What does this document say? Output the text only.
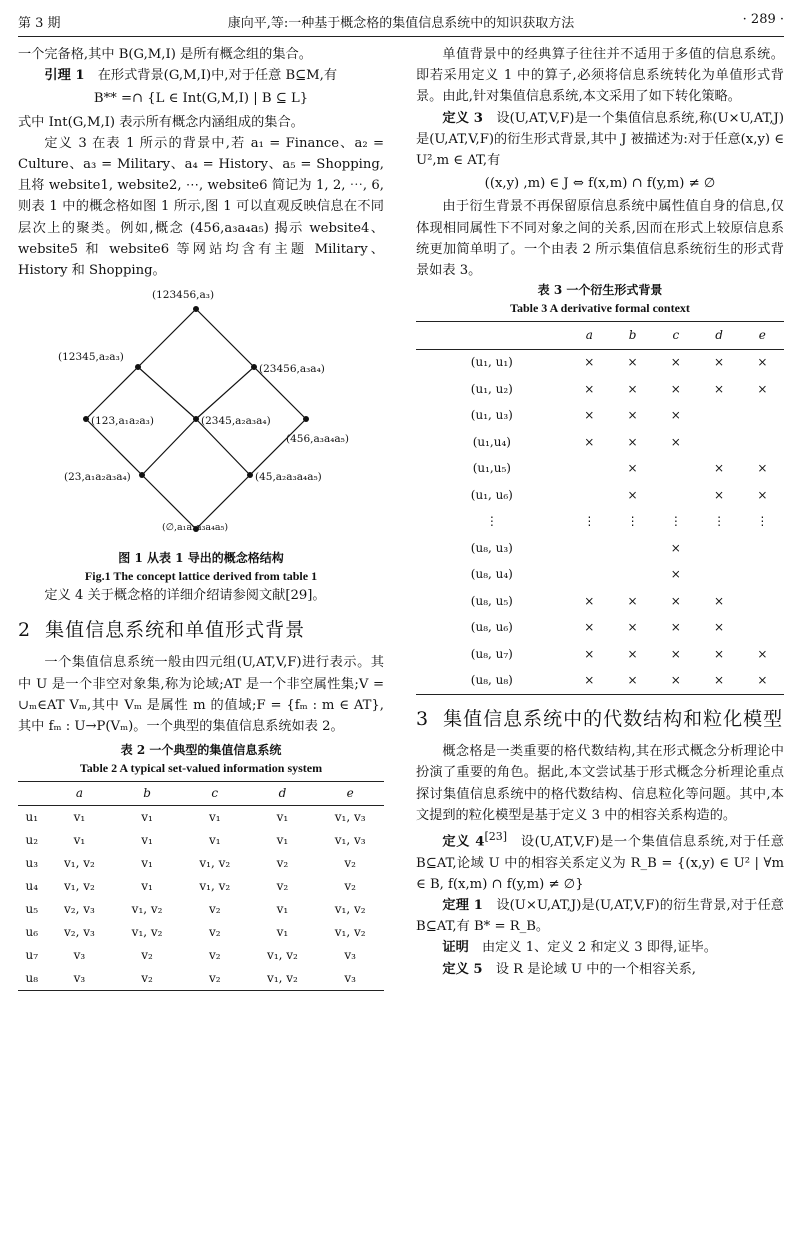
第 3 期	康向平,等:一种基于概念格的集值信息系统中的知识获取方法	· 289 ·

一个完备格,其中 B(G,M,I) 是所有概念组的集合。

引理 1  在形式背景(G,M,I)中,对于任意 B⊆M,有

B** =∩ {L ∈ Int(G,M,I) | B ⊆ L}

式中 Int(G,M,I) 表示所有概念内涵组成的集合。

定义 3 在表 1 所示的背景中,若 a₁ = Finance、a₂ = Culture、a₃ = Military、a₄ = History、a₅ = Shopping,且将 website1, website2, ⋯, website6 简记为 1, 2, ⋯, 6,则表 1 中的概念格如图 1 所示,图 1 可以直观反映信息在不同层次上的聚类。例如,概念 (456,a₃a₄a₅) 揭示 website4、website5 和 website6 等网站均含有主题 Military、History 和 Shopping。

(123456,a₃)
(12345,a₂a₃)
(23456,a₃a₄)
(123,a₁a₂a₃)	(2345,a₂a₃a₄)
(456,a₃a₄a₅)
(23,a₁a₂a₃a₄)	(45,a₂a₃a₄a₅)
(∅,a₁a₂a₃a₄a₅)
图 1 从表 1 导出的概念格结构
Fig.1 The concept lattice derived from table 1

定义 4 关于概念格的详细介绍请参阅文献[29]。

2 集值信息系统和单值形式背景

一个集值信息系统一般由四元组(U,AT,V,F)进行表示。其中 U 是一个非空对象集,称为论域;AT 是一个非空属性集;V = ∪ₘ∈AT Vₘ,其中 Vₘ 是属性 m 的值域;F = {fₘ : m ∈ AT},其中 fₘ : U→P(Vₘ)。一个典型的集值信息系统如表 2。

表 2 一个典型的集值信息系统
Table 2 A typical set-valued information system
	a	b	c	d	e
u₁	v₁	v₁	v₁	v₁	v₁, v₃
u₂	v₁	v₁	v₁	v₁	v₁, v₃
u₃	v₁, v₂	v₁	v₁, v₂	v₂	v₂
u₄	v₁, v₂	v₁	v₁, v₂	v₂	v₂
u₅	v₂, v₃	v₁, v₂	v₂	v₁	v₁, v₂
u₆	v₂, v₃	v₁, v₂	v₂	v₁	v₁, v₂
u₇	v₃	v₂	v₂	v₁, v₂	v₃
u₈	v₃	v₂	v₂	v₁, v₂	v₃

单值背景中的经典算子往往并不适用于多值的信息系统。即若采用定义 1 中的算子,必须将信息系统转化为单值形式背景。由此,针对集值信息系统,本文采用了如下转化策略。

定义 3  设(U,AT,V,F)是一个集值信息系统,称(U×U,AT,J)是(U,AT,V,F)的衍生形式背景,其中 J 被描述为:对于任意(x,y) ∈ U²,m ∈ AT,有

((x,y) ,m) ∈ J ⇔ f(x,m) ∩ f(y,m) ≠ ∅

由于衍生背景不再保留原信息系统中属性值自身的信息,仅体现相同属性下不同对象之间的关系,因而在形式上较原信息系统更加简单明了。一个由表 2 所示集值信息系统衍生的形式背景如表 3。

表 3 一个衍生形式背景
Table 3 A derivative formal context
	a	b	c	d	e
(u₁, u₁)	×	×	×	×	×
(u₁, u₂)	×	×	×	×	×
(u₁, u₃)	×	×	×		
(u₁,u₄)	×	×	×		
(u₁,u₅)		×		×	×
(u₁, u₆)		×		×	×
⋮	⋮	⋮	⋮	⋮	⋮
(u₈, u₃)			×		
(u₈, u₄)			×		
(u₈, u₅)	×	×	×	×	
(u₈, u₆)	×	×	×	×	
(u₈, u₇)	×	×	×	×	×
(u₈, u₈)	×	×	×	×	×
3 集值信息系统中的代数结构和粒化模型

概念格是一类重要的格代数结构,其在形式概念分析理论中扮演了重要的角色。据此,本文尝试基于形式概念分析理论重点探讨集值信息系统中的格代数结构、信息粒化等问题。其中,本文提到的粒化模型是基于定义 3 中的相容关系构造的。

定义 4[23]  设(U,AT,V,F)是一个集值信息系统,对于任意 B⊆AT,论域 U 中的相容关系定义为 R_B = {(x,y) ∈ U² | ∀m ∈ B, f(x,m) ∩ f(y,m) ≠ ∅}

定理 1  设(U×U,AT,J)是(U,AT,V,F)的衍生背景,对于任意 B⊆AT,有 B* = R_B。

证明  由定义 1、定义 2 和定义 3 即得,证毕。

定义 5  设 R 是论域 U 中的一个相容关系,
